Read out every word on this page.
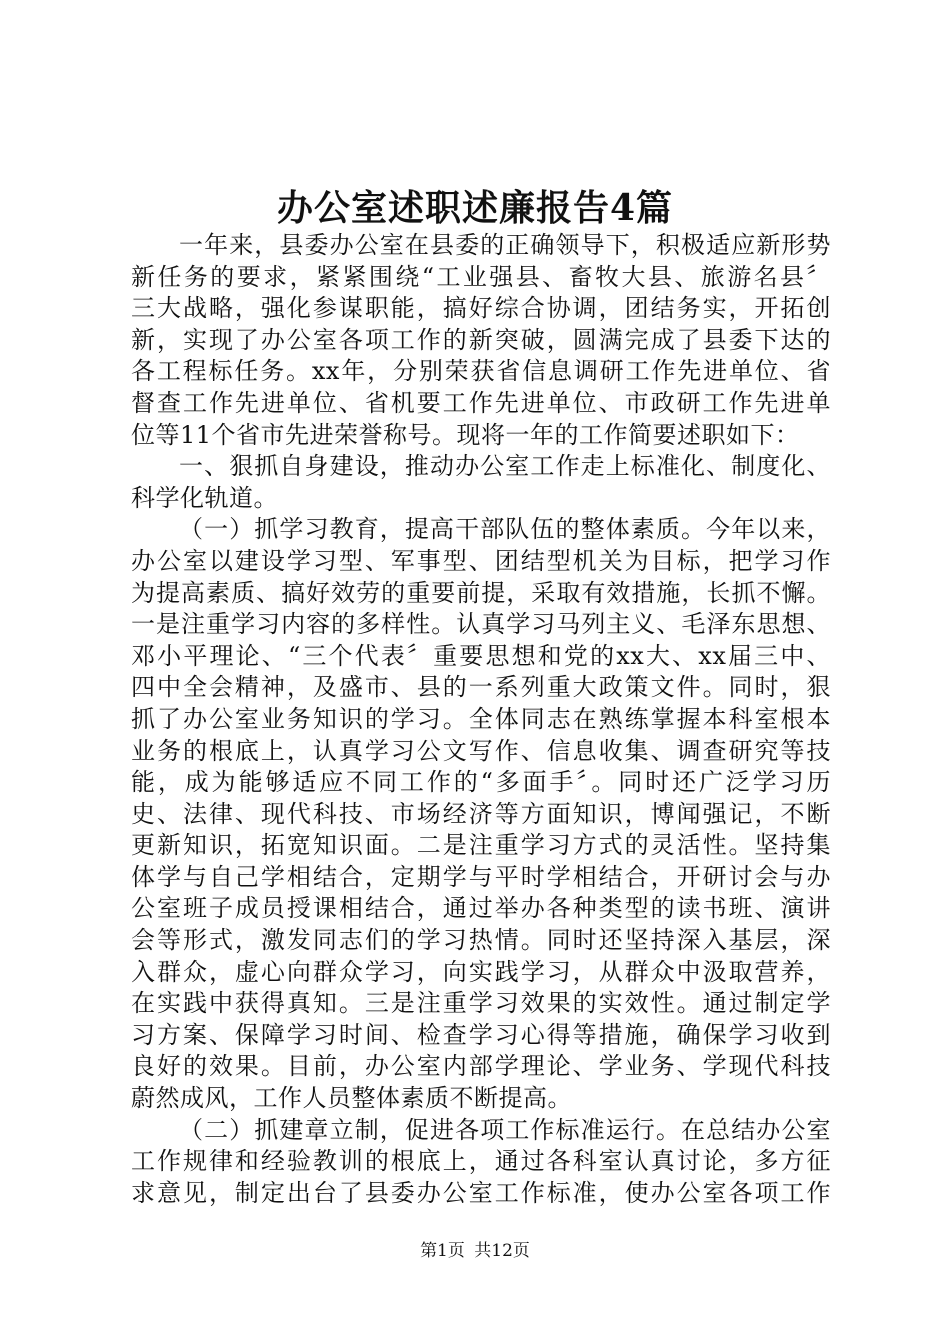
办公室述职述廉报告4篇
一年来，县委办公室在县委的正确领导下，积极适应新形势
新任务的要求，紧紧围绕“工业强县、畜牧大县、旅游名县〞
三大战略，强化参谋职能，搞好综合协调，团结务实，开拓创
新，实现了办公室各项工作的新突破，圆满完成了县委下达的
各工程标任务。xx年，分别荣获省信息调研工作先进单位、省
督查工作先进单位、省机要工作先进单位、市政研工作先进单
位等11个省市先进荣誉称号。现将一年的工作简要述职如下：
一、狠抓自身建设，推动办公室工作走上标准化、制度化、
科学化轨道。
（一）抓学习教育，提高干部队伍的整体素质。今年以来，
办公室以建设学习型、军事型、团结型机关为目标，把学习作
为提高素质、搞好效劳的重要前提，采取有效措施，长抓不懈。
一是注重学习内容的多样性。认真学习马列主义、毛泽东思想、
邓小平理论、“三个代表〞重要思想和党的xx大、xx届三中、
四中全会精神，及盛市、县的一系列重大政策文件。同时，狠
抓了办公室业务知识的学习。全体同志在熟练掌握本科室根本
业务的根底上，认真学习公文写作、信息收集、调查研究等技
能，成为能够适应不同工作的“多面手〞。同时还广泛学习历
史、法律、现代科技、市场经济等方面知识，博闻强记，不断
更新知识，拓宽知识面。二是注重学习方式的灵活性。坚持集
体学与自己学相结合，定期学与平时学相结合，开研讨会与办
公室班子成员授课相结合，通过举办各种类型的读书班、演讲
会等形式，激发同志们的学习热情。同时还坚持深入基层，深
入群众，虚心向群众学习，向实践学习，从群众中汲取营养，
在实践中获得真知。三是注重学习效果的实效性。通过制定学
习方案、保障学习时间、检查学习心得等措施，确保学习收到
良好的效果。目前，办公室内部学理论、学业务、学现代科技
蔚然成风，工作人员整体素质不断提高。
（二）抓建章立制，促进各项工作标准运行。在总结办公室
工作规律和经验教训的根底上，通过各科室认真讨论，多方征
求意见，制定出台了县委办公室工作标准，使办公室各项工作
第1页 共12页
